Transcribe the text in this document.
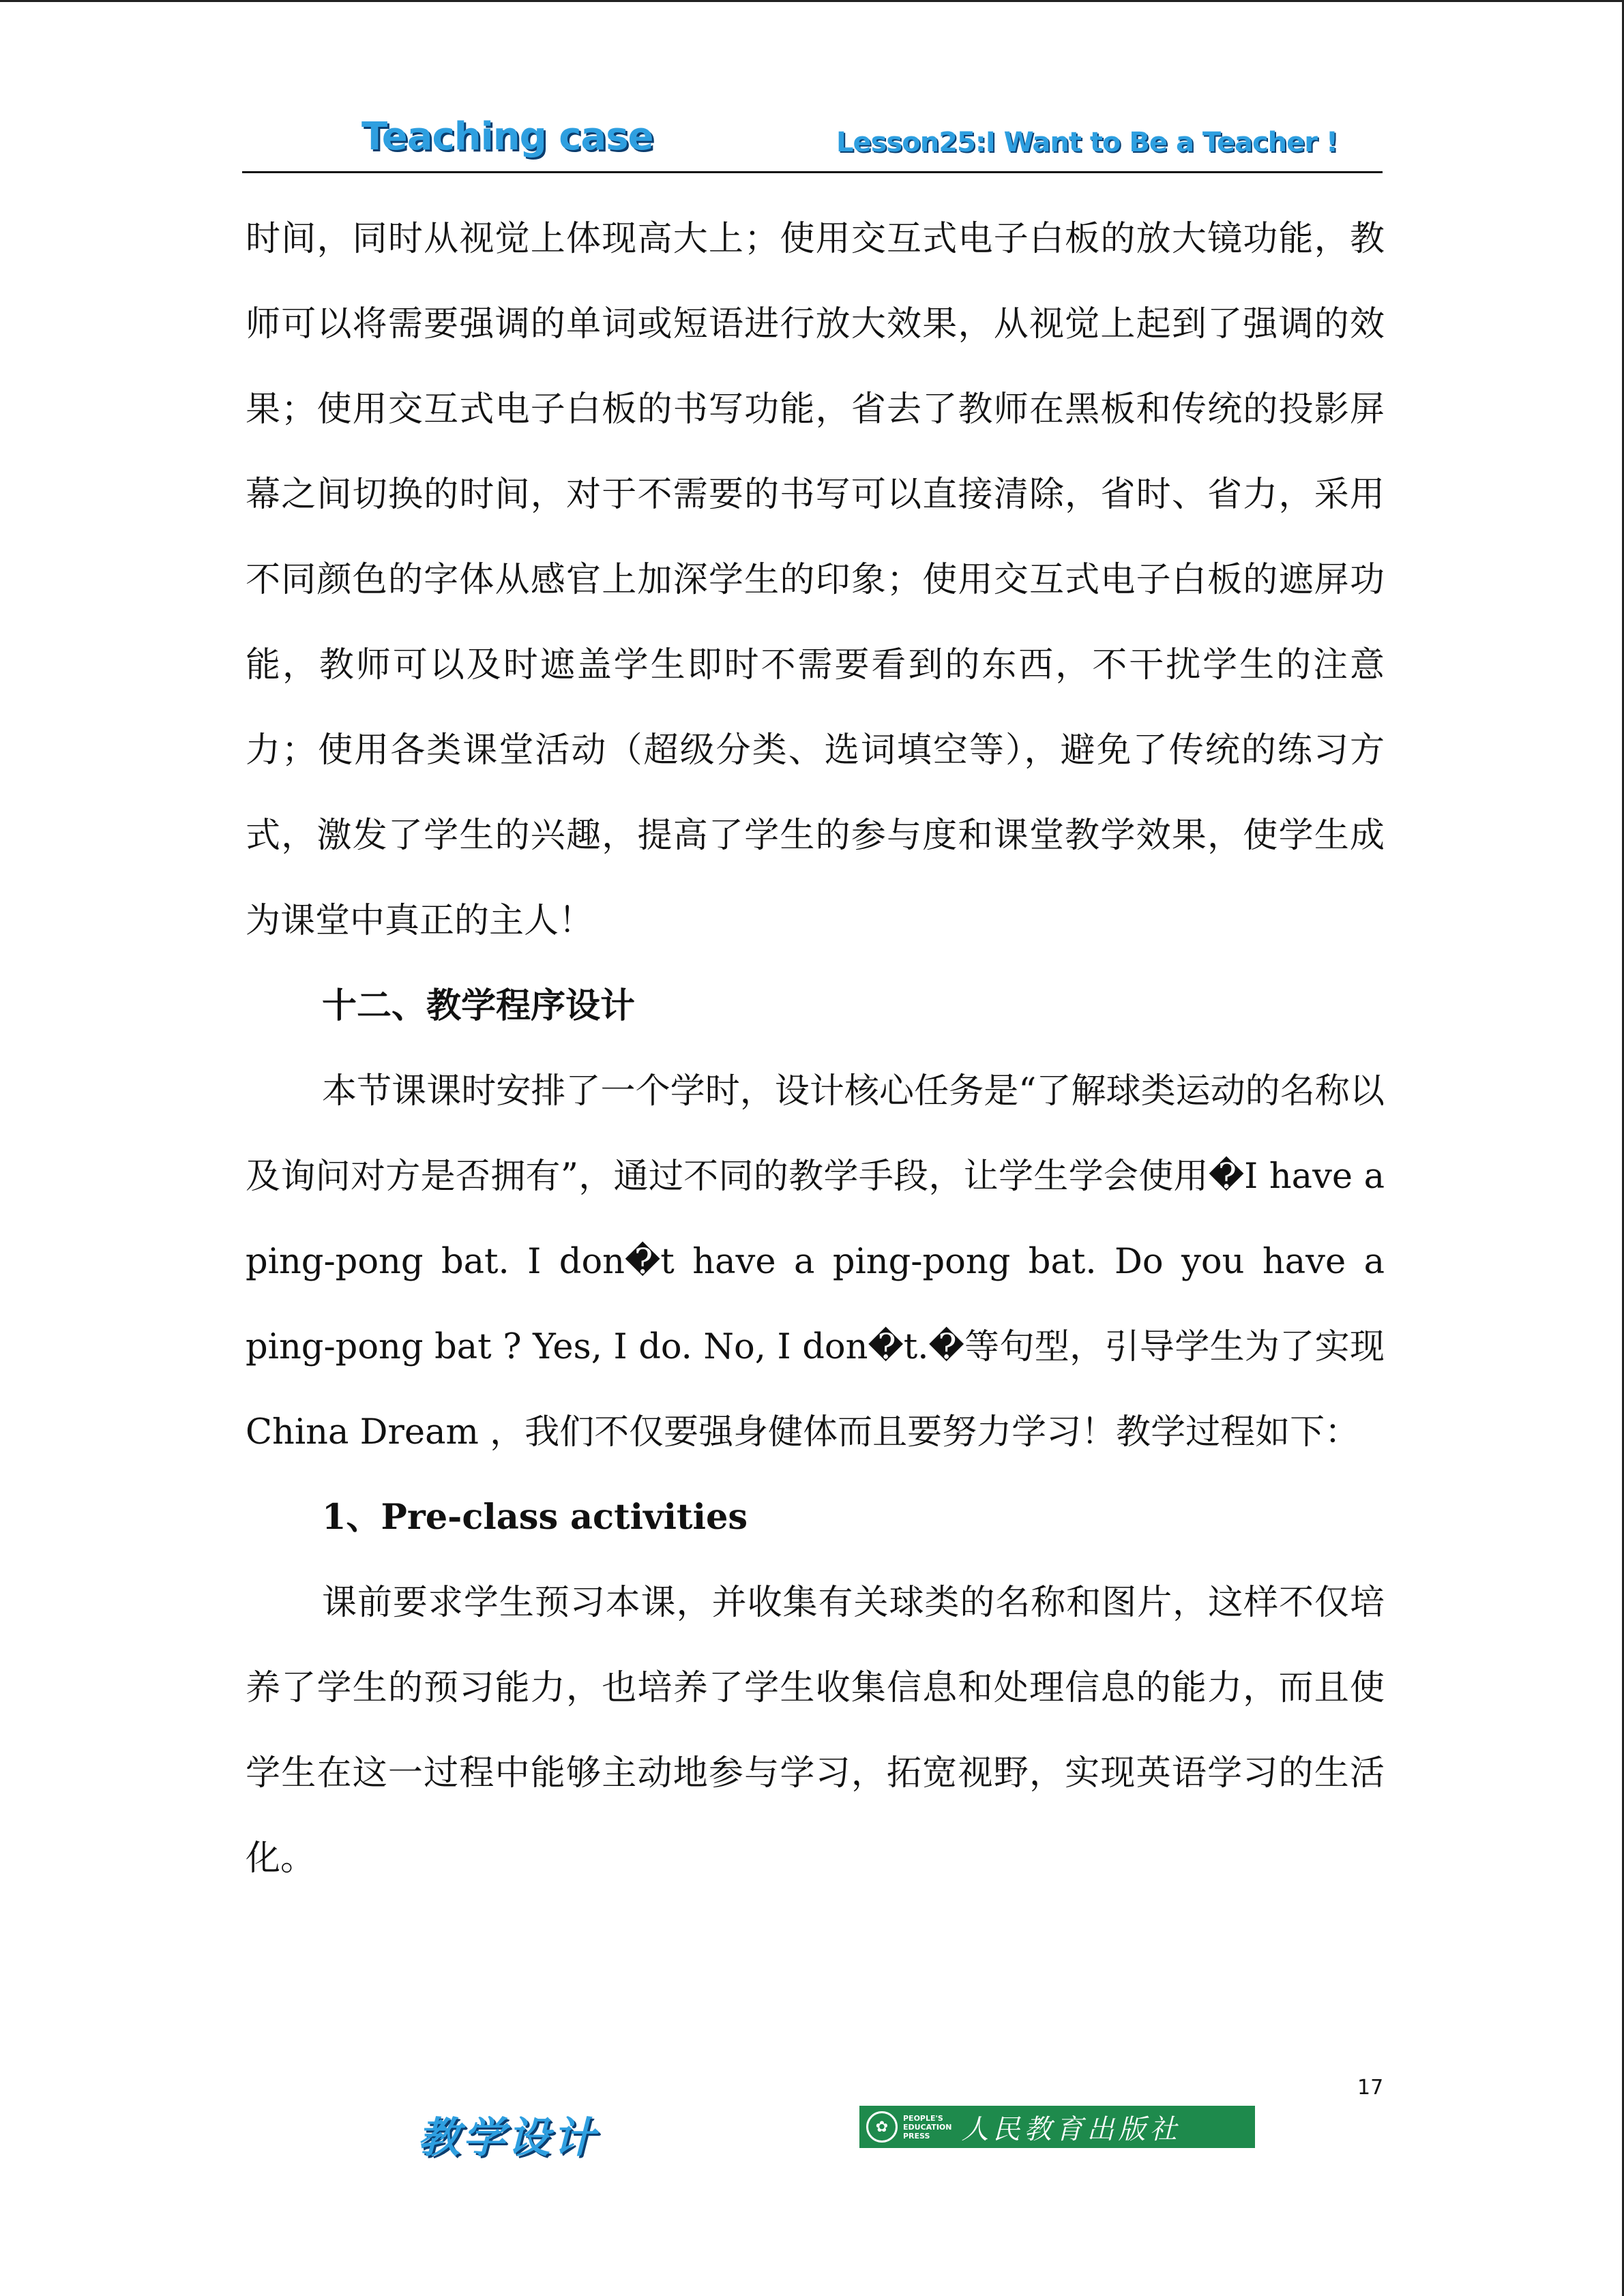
Teaching case	Lesson25:I Want to Be a Teacher !

时间，同时从视觉上体现高大上；使用交互式电子白板的放大镜功能，教师可以将需要强调的单词或短语进行放大效果，从视觉上起到了强调的效果；使用交互式电子白板的书写功能，省去了教师在黑板和传统的投影屏幕之间切换的时间，对于不需要的书写可以直接清除，省时、省力，采用不同颜色的字体从感官上加深学生的印象；使用交互式电子白板的遮屏功能，教师可以及时遮盖学生即时不需要看到的东西，不干扰学生的注意力；使用各类课堂活动（超级分类、选词填空等），避免了传统的练习方式，激发了学生的兴趣，提高了学生的参与度和课堂教学效果，使学生成为课堂中真正的主人！

十二、教学程序设计

本节课课时安排了一个学时，设计核心任务是“了解球类运动的名称以及询问对方是否拥有”，通过不同的教学手段，让学生学会使用�I have a ping-pong bat. I don�t have a ping-pong bat. Do you have a ping-pong bat ? Yes, I do. No, I don�t.�等句型，引导学生为了实现China Dream ，我们不仅要强身健体而且要努力学习！教学过程如下：

1、Pre-class activities

课前要求学生预习本课，并收集有关球类的名称和图片，这样不仅培养了学生的预习能力，也培养了学生收集信息和处理信息的能力，而且使学生在这一过程中能够主动地参与学习，拓宽视野，实现英语学习的生活化。

17
教学设计	✿
PEOPLE'S
EDUCATION
PRESS	人民教育出版社
